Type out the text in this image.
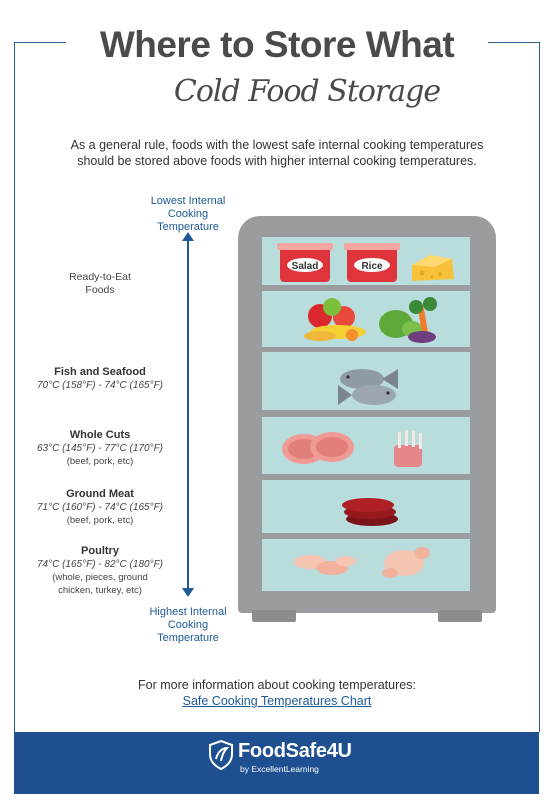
Where to Store What
Cold Food Storage
As a general rule, foods with the lowest safe internal cooking temperatures
should be stored above foods with higher internal cooking temperatures.
Lowest Internal
Cooking
Temperature
Highest Internal
Cooking
Temperature
Ready-to-Eat
Foods
Fish and Seafood
70°C (158°F) - 74°C (165°F)
Whole Cuts
63°C (145°F) - 77°C (170°F)
(beef, pork, etc)
Ground Meat
71°C (160°F) - 74°C (165°F)
(beef, pork, etc)
Poultry
74°C (165°F) - 82°C (180°F)
(whole, pieces, ground
chicken, turkey, etc)
Salad	Rice
For more information about cooking temperatures:
Safe Cooking Temperatures Chart
FoodSafe4U
by ExcellentLearning
